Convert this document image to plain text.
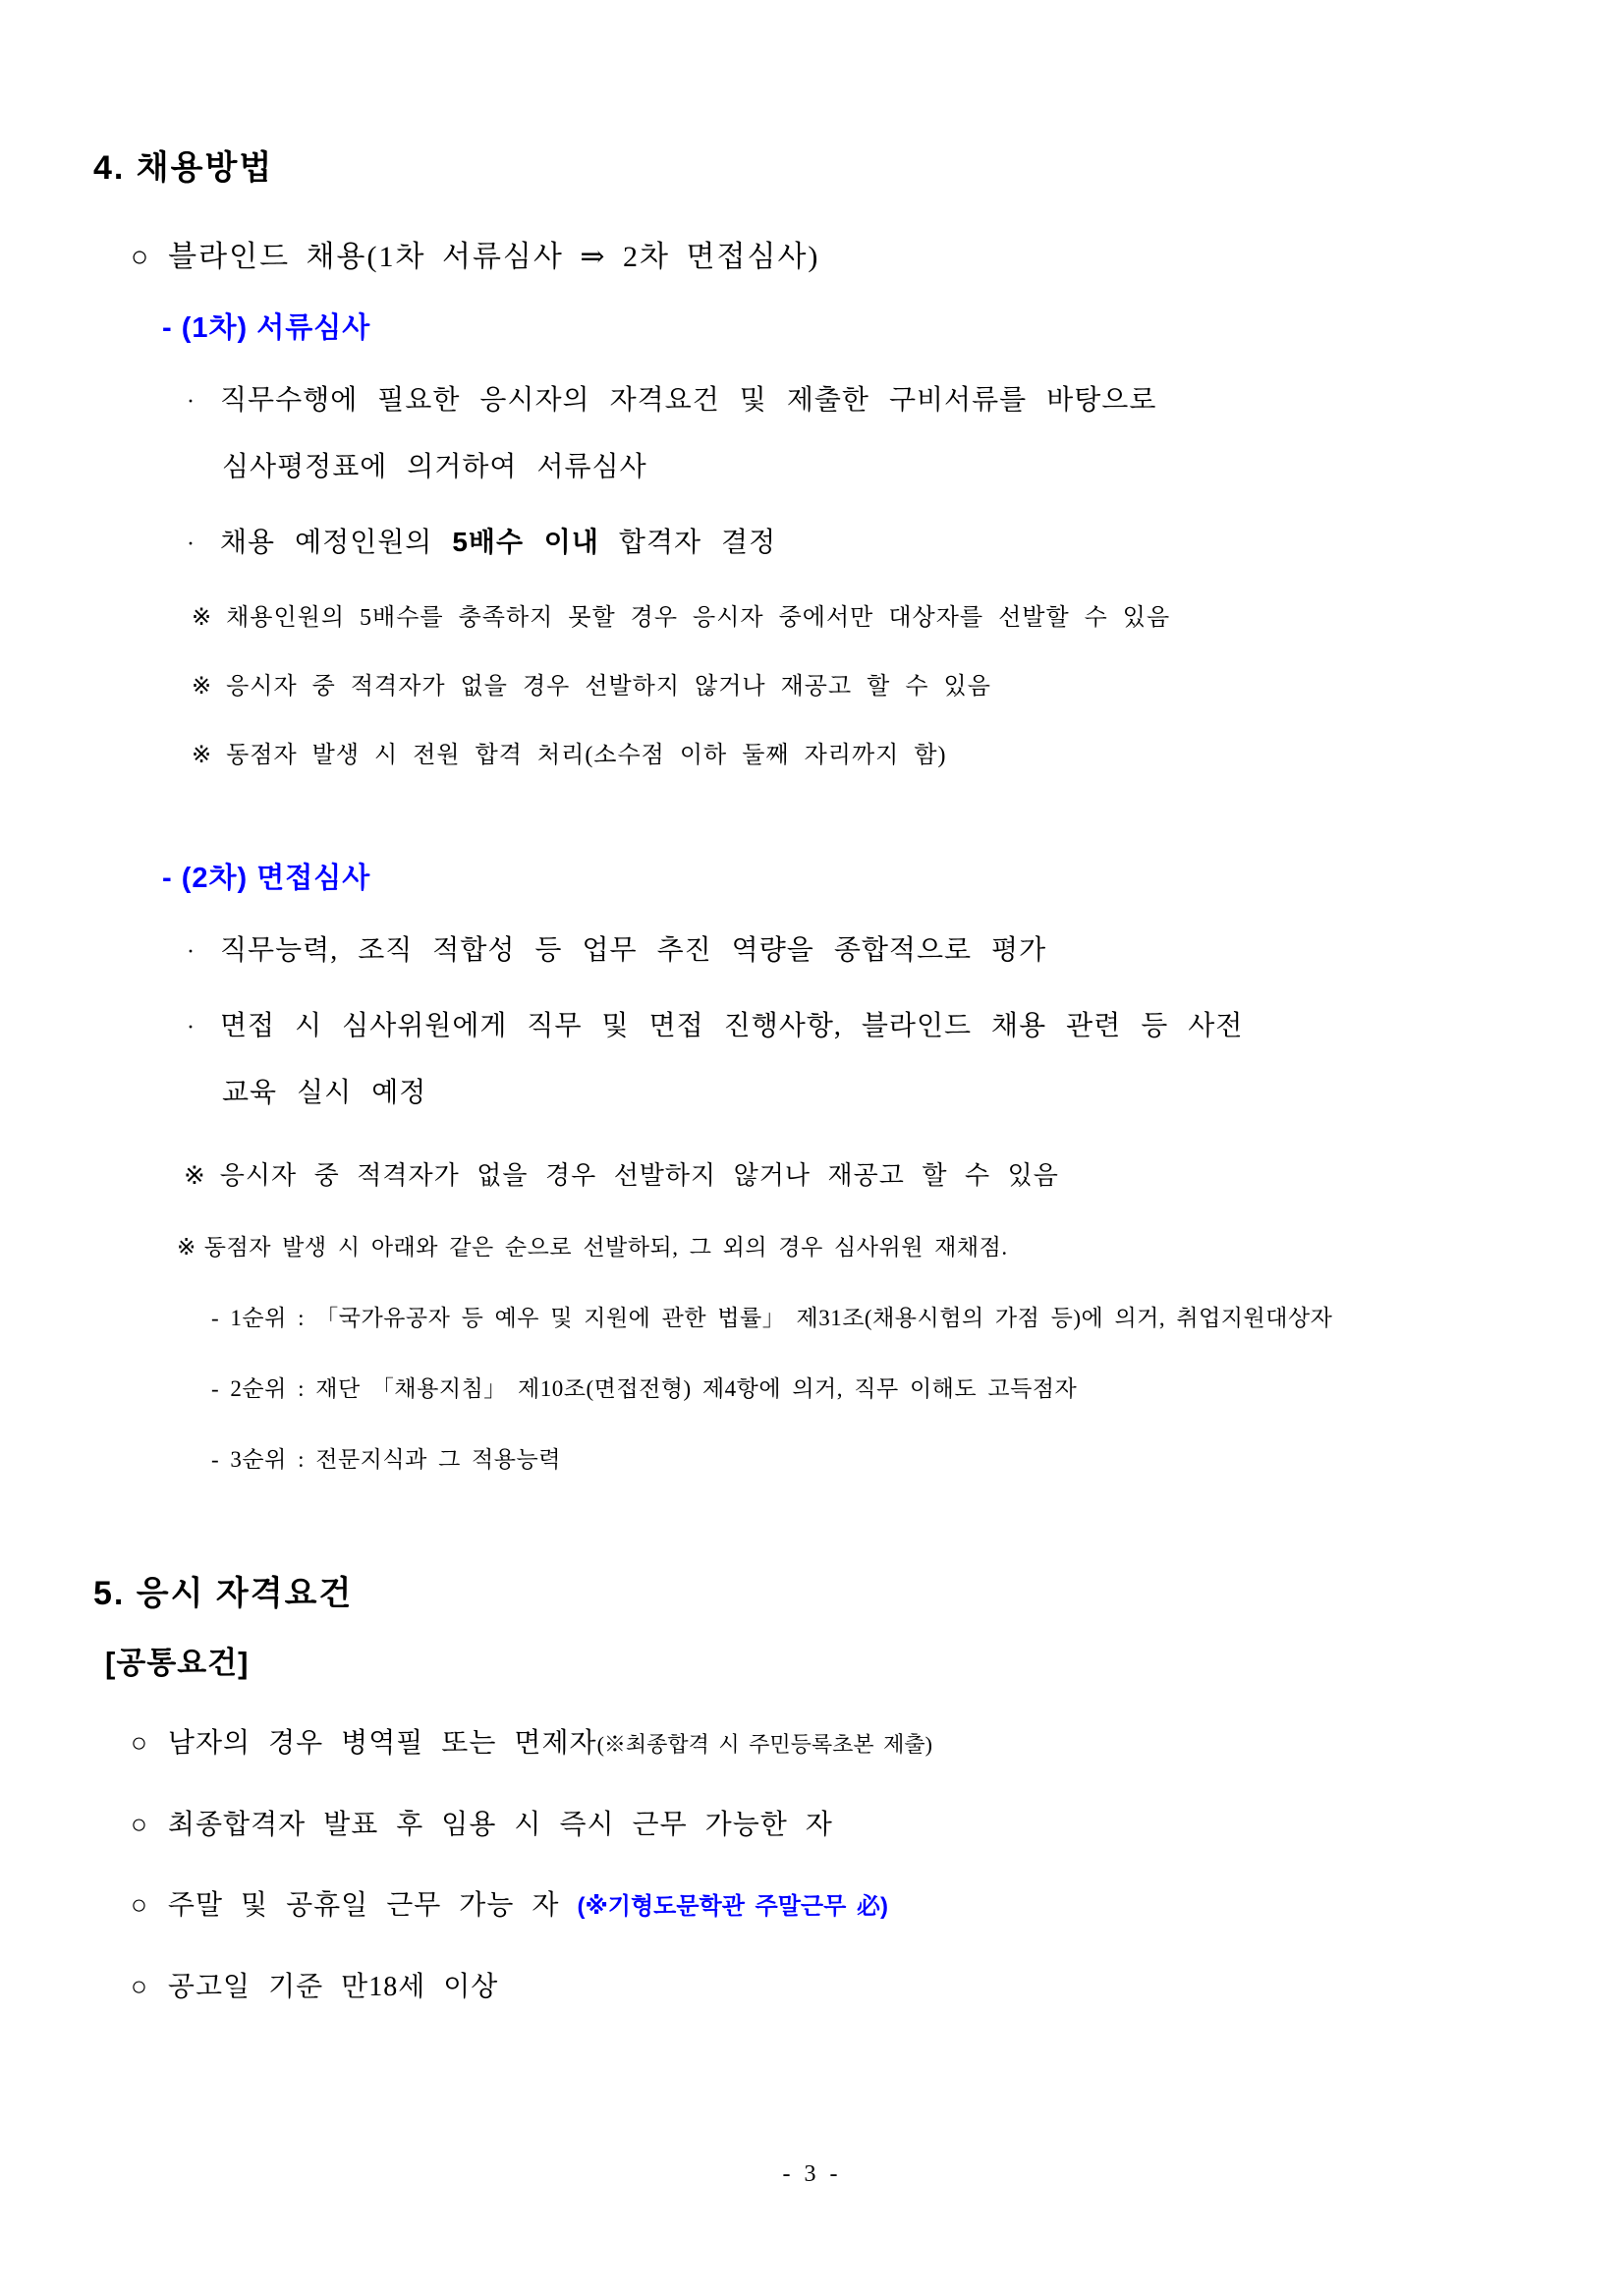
4. 채용방법
○ 블라인드 채용(1차 서류심사 ⇒ 2차 면접심사)
- (1차) 서류심사
· 직무수행에 필요한 응시자의 자격요건 및 제출한 구비서류를 바탕으로
심사평정표에 의거하여 서류심사
· 채용 예정인원의 5배수 이내 합격자 결정
※ 채용인원의 5배수를 충족하지 못할 경우 응시자 중에서만 대상자를 선발할 수 있음
※ 응시자 중 적격자가 없을 경우 선발하지 않거나 재공고 할 수 있음
※ 동점자 발생 시 전원 합격 처리(소수점 이하 둘째 자리까지 함)
- (2차) 면접심사
· 직무능력, 조직 적합성 등 업무 추진 역량을 종합적으로 평가
· 면접 시 심사위원에게 직무 및 면접 진행사항, 블라인드 채용 관련 등 사전
교육 실시 예정
※ 응시자 중 적격자가 없을 경우 선발하지 않거나 재공고 할 수 있음
※ 동점자 발생 시 아래와 같은 순으로 선발하되, 그 외의 경우 심사위원 재채점.
- 1순위 : 「국가유공자 등 예우 및 지원에 관한 법률」 제31조(채용시험의 가점 등)에 의거, 취업지원대상자
- 2순위 : 재단 「채용지침」 제10조(면접전형) 제4항에 의거, 직무 이해도 고득점자
- 3순위 : 전문지식과 그 적용능력
5. 응시 자격요건
[공통요건]
○ 남자의 경우 병역필 또는 면제자(※최종합격 시 주민등록초본 제출)
○ 최종합격자 발표 후 임용 시 즉시 근무 가능한 자
○ 주말 및 공휴일 근무 가능 자 (※기형도문학관 주말근무 必)
○ 공고일 기준 만18세 이상
- 3 -
